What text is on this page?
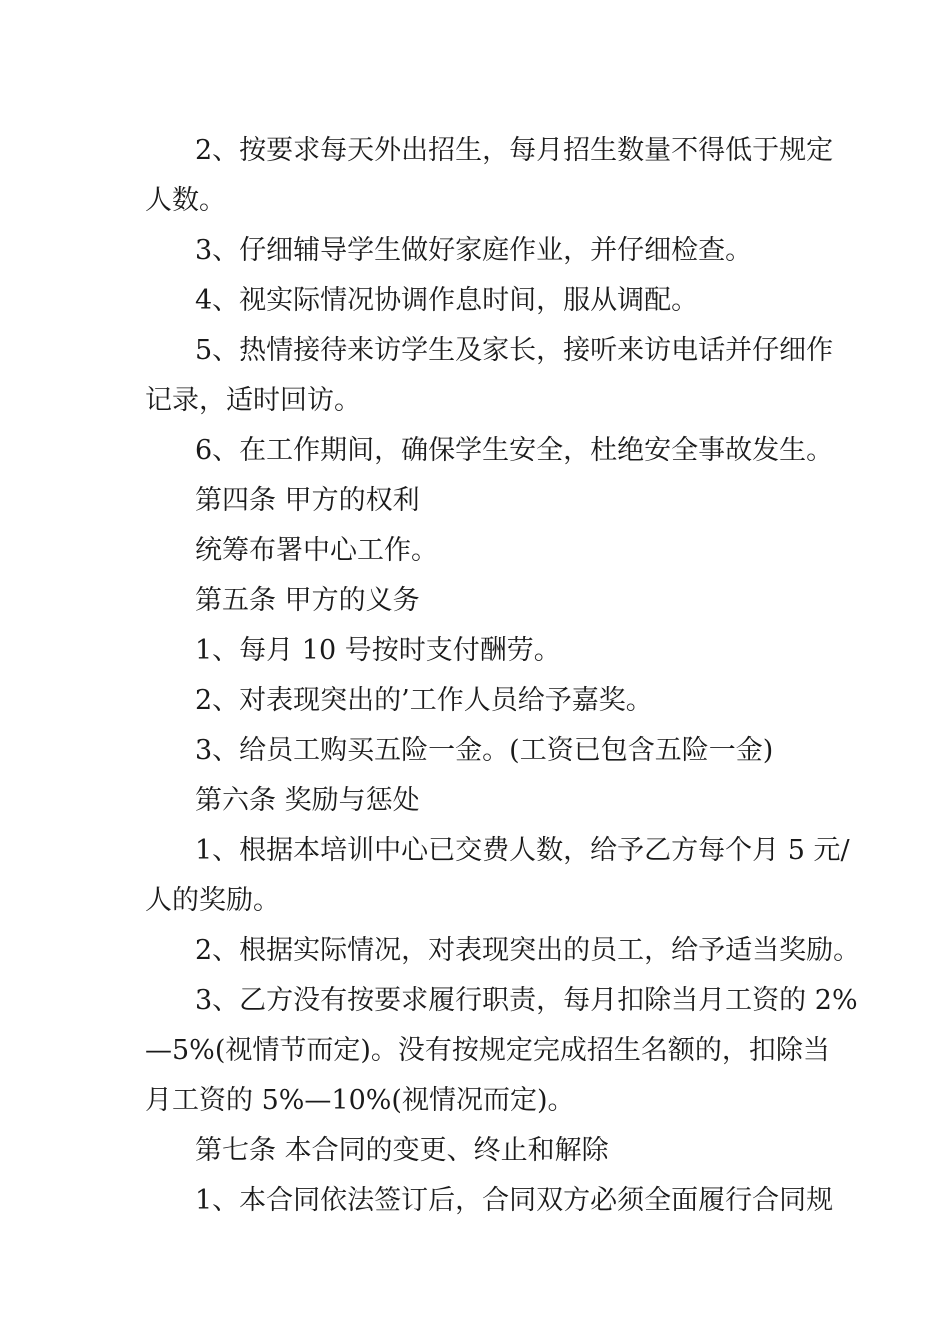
2、按要求每天外出招生，每月招生数量不得低于规定
人数。
3、仔细辅导学生做好家庭作业，并仔细检查。
4、视实际情况协调作息时间，服从调配。
5、热情接待来访学生及家长，接听来访电话并仔细作
记录，适时回访。
6、在工作期间，确保学生安全，杜绝安全事故发生。
第四条 甲方的权利
统筹布署中心工作。
第五条 甲方的义务
1、每月 10 号按时支付酬劳。
2、对表现突出的’工作人员给予嘉奖。
3、给员工购买五险一金。(工资已包含五险一金)
第六条 奖励与惩处
1、根据本培训中心已交费人数，给予乙方每个月 5 元/
人的奖励。
2、根据实际情况，对表现突出的员工，给予适当奖励。
3、乙方没有按要求履行职责，每月扣除当月工资的 2%
—5%(视情节而定)。没有按规定完成招生名额的，扣除当
月工资的 5%—10%(视情况而定)。
第七条 本合同的变更、终止和解除
1、本合同依法签订后，合同双方必须全面履行合同规
